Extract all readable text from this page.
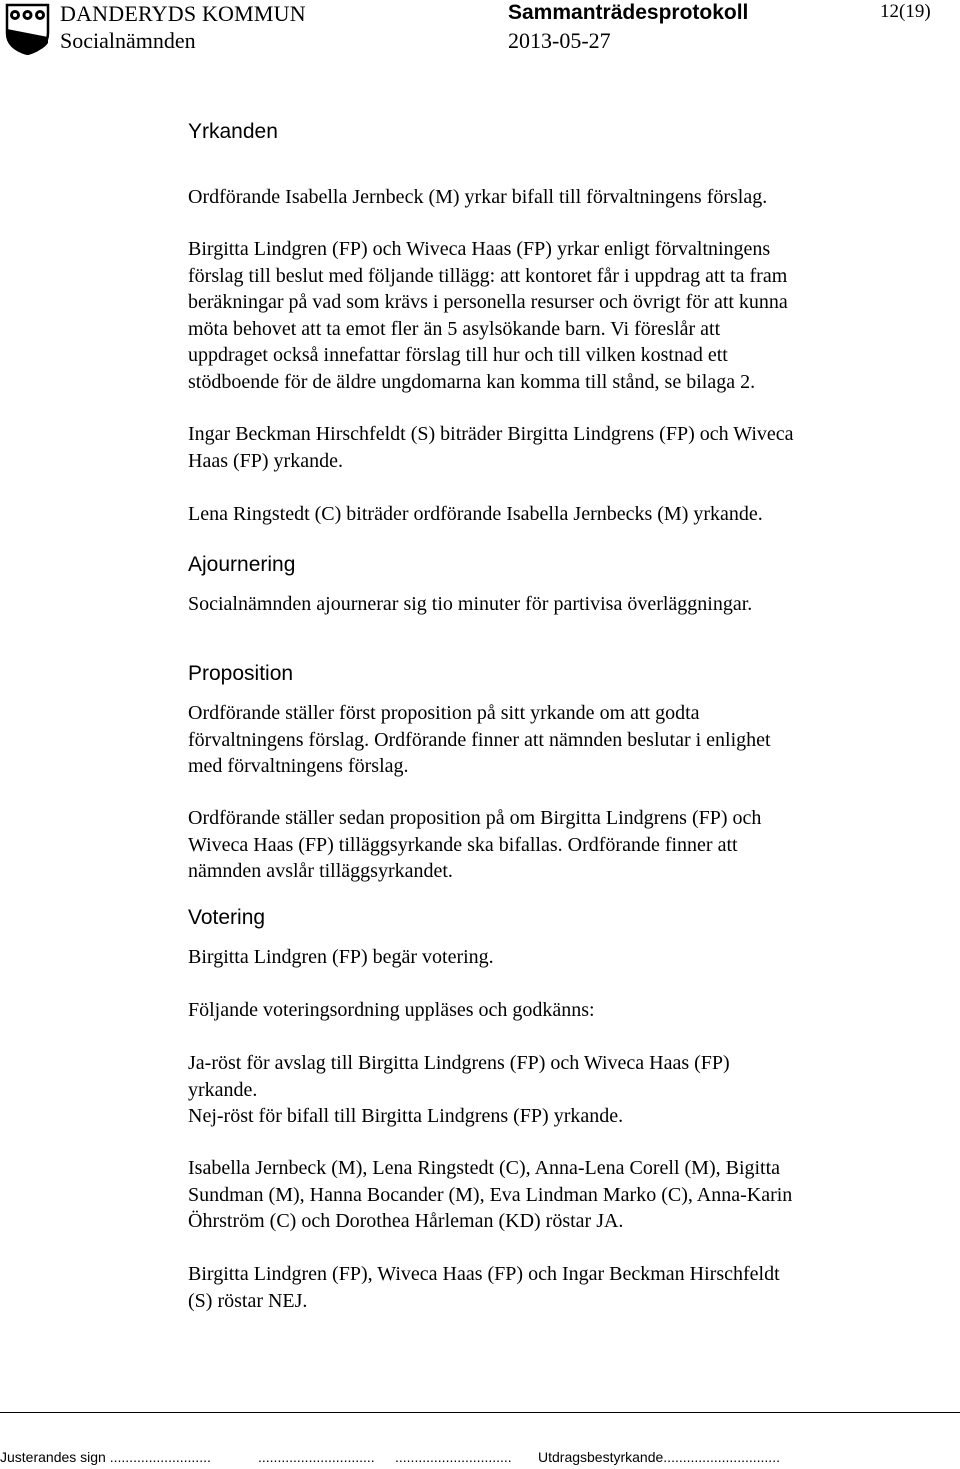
DANDERYDS KOMMUN
Socialnämnden
Sammanträdesprotokoll
2013-05-27
12(19)
Yrkanden
Ordförande Isabella Jernbeck (M) yrkar bifall till förvaltningens förslag.
Birgitta Lindgren (FP) och Wiveca Haas (FP) yrkar enligt förvaltningens
förslag till beslut med följande tillägg: att kontoret får i uppdrag att ta fram
beräkningar på vad som krävs i personella resurser och övrigt för att kunna
möta behovet att ta emot fler än 5 asylsökande barn. Vi föreslår att
uppdraget också innefattar förslag till hur och till vilken kostnad ett
stödboende för de äldre ungdomarna kan komma till stånd, se bilaga 2.
Ingar Beckman Hirschfeldt (S) biträder Birgitta Lindgrens (FP) och Wiveca
Haas (FP) yrkande.
Lena Ringstedt (C) biträder ordförande Isabella Jernbecks (M) yrkande.
Ajournering
Socialnämnden ajournerar sig tio minuter för partivisa överläggningar.
Proposition
Ordförande ställer först proposition på sitt yrkande om att godta
förvaltningens förslag. Ordförande finner att nämnden beslutar i enlighet
med förvaltningens förslag.
Ordförande ställer sedan proposition på om Birgitta Lindgrens (FP) och
Wiveca Haas (FP) tilläggsyrkande ska bifallas. Ordförande finner att
nämnden avslår tilläggsyrkandet.
Votering
Birgitta Lindgren (FP) begär votering.
Följande voteringsordning uppläses och godkänns:
Ja-röst för avslag till Birgitta Lindgrens (FP) och Wiveca Haas (FP)
yrkande.
Nej-röst för bifall till Birgitta Lindgrens (FP) yrkande.
Isabella Jernbeck (M), Lena Ringstedt (C), Anna-Lena Corell (M), Bigitta
Sundman (M), Hanna Bocander (M), Eva Lindman Marko (C), Anna-Karin
Öhrström (C) och Dorothea Hårleman (KD) röstar JA.
Birgitta Lindgren (FP), Wiveca Haas (FP) och Ingar Beckman Hirschfeldt
(S) röstar NEJ.
Justerandes sign ..........................	.............................. .............................. Utdragsbestyrkande..............................
